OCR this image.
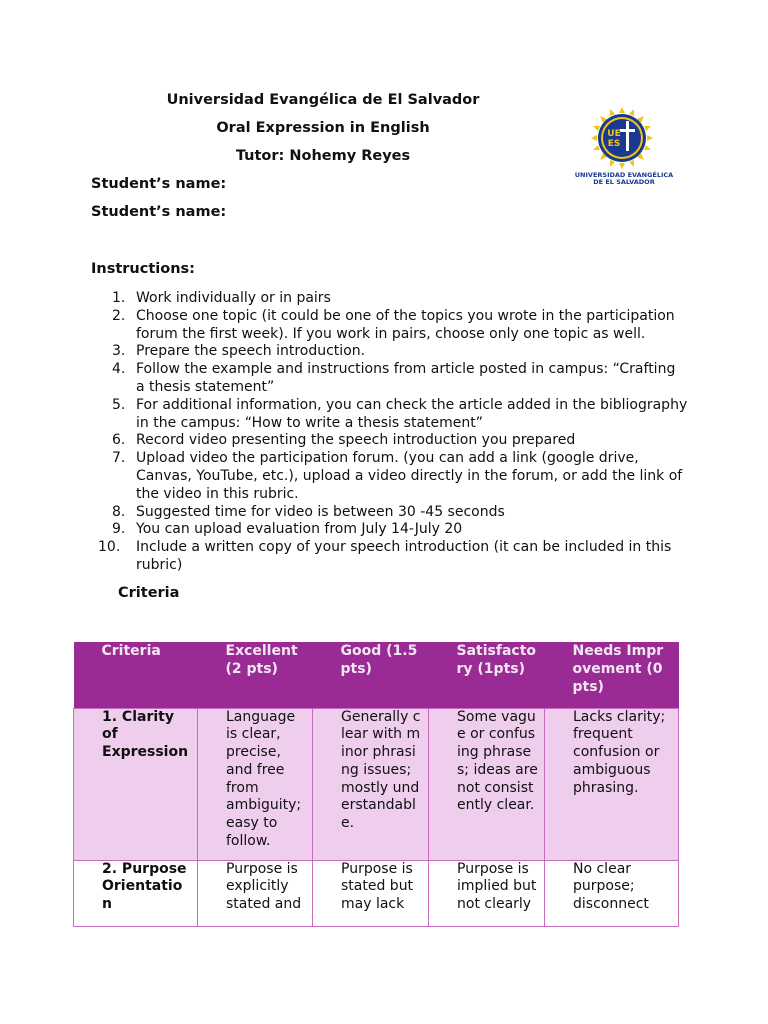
Universidad Evangélica de El Salvador
Oral Expression in English
Tutor: Nohemy Reyes
UE
ES
UNIVERSIDAD EVANGÉLICA
DE EL SALVADOR
Student’s name:
Student’s name:
Instructions:
1. Work individually or in pairs
2. Choose one topic (it could be one of the topics you wrote in the participation forum the first week). If you work in pairs, choose only one topic as well.
3. Prepare the speech introduction.
4. Follow the example and instructions from article posted in campus: “Crafting a thesis statement”
5. For additional information, you can check the article added in the bibliography in the campus: “How to write a thesis statement”
6. Record video presenting the speech introduction you prepared
7. Upload video the participation forum. (you can add a link (google drive, Canvas, YouTube, etc.), upload a video directly in the forum, or add the link of the video in this rubric.
8. Suggested time for video is between 30 -45 seconds
9. You can upload evaluation from July 14-July 20
10. Include a written copy of your speech introduction (it can be included in this rubric)
Criteria
Criteria	Excellent (2 pts)	Good (1.5 pts)	Satisfactory (1pts)	Needs Improvement (0 pts)
1. Clarity of Expression	Language is clear, precise, and free from ambiguity; easy to follow.	Generally clear with minor phrasing issues; mostly understandable.	Some vague or confusing phrases; ideas are not consistently clear.	Lacks clarity; frequent confusion or ambiguous phrasing.
2. Purpose Orientation	Purpose is explicitly stated and	Purpose is stated but may lack	Purpose is implied but not clearly	No clear purpose; disconnect
